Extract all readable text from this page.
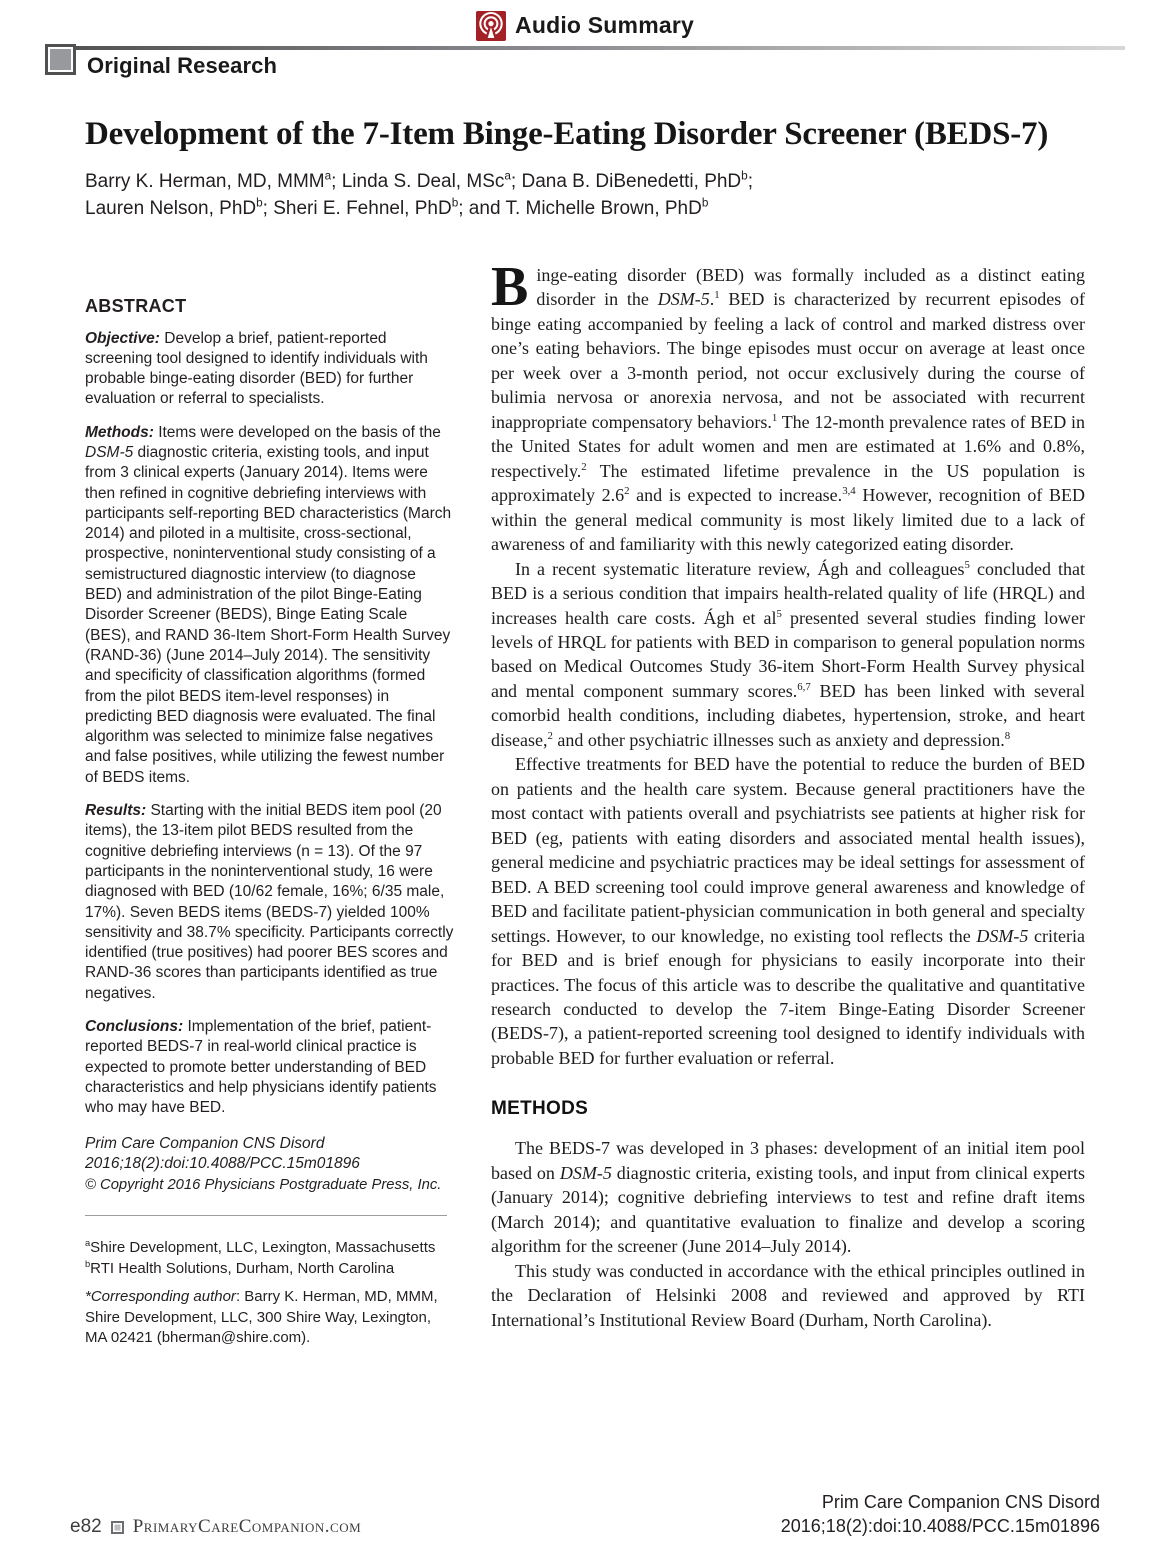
Audio Summary
Original Research
Development of the 7-Item Binge-Eating Disorder Screener (BEDS-7)
Barry K. Herman, MD, MMM$^a$; Linda S. Deal, MSc$^a$; Dana B. DiBenedetti, PhD$^b$;
Lauren Nelson, PhD$^b$; Sheri E. Fehnel, PhD$^b$; and T. Michelle Brown, PhD$^b$
ABSTRACT

Objective: Develop a brief, patient-reported screening tool designed to identify individuals with probable binge-eating disorder (BED) for further evaluation or referral to specialists.

Methods: Items were developed on the basis of the DSM-5 diagnostic criteria, existing tools, and input from 3 clinical experts (January 2014). Items were then refined in cognitive debriefing interviews with participants self-reporting BED characteristics (March 2014) and piloted in a multisite, cross-sectional, prospective, noninterventional study consisting of a semistructured diagnostic interview (to diagnose BED) and administration of the pilot Binge-Eating Disorder Screener (BEDS), Binge Eating Scale (BES), and RAND 36-Item Short-Form Health Survey (RAND-36) (June 2014–July 2014). The sensitivity and specificity of classification algorithms (formed from the pilot BEDS item-level responses) in predicting BED diagnosis were evaluated. The final algorithm was selected to minimize false negatives and false positives, while utilizing the fewest number of BEDS items.

Results: Starting with the initial BEDS item pool (20 items), the 13-item pilot BEDS resulted from the cognitive debriefing interviews (n = 13). Of the 97 participants in the noninterventional study, 16 were diagnosed with BED (10/62 female, 16%; 6/35 male, 17%). Seven BEDS items (BEDS-7) yielded 100% sensitivity and 38.7% specificity. Participants correctly identified (true positives) had poorer BES scores and RAND-36 scores than participants identified as true negatives.

Conclusions: Implementation of the brief, patient-reported BEDS-7 in real-world clinical practice is expected to promote better understanding of BED characteristics and help physicians identify patients who may have BED.

Prim Care Companion CNS Disord
2016;18(2):doi:10.4088/PCC.15m01896
© Copyright 2016 Physicians Postgraduate Press, Inc.
$^a$Shire Development, LLC, Lexington, Massachusetts
$^b$RTI Health Solutions, Durham, North Carolina
*Corresponding author: Barry K. Herman, MD, MMM, Shire Development, LLC, 300 Shire Way, Lexington, MA 02421 (bherman@shire.com).

Binge-eating disorder (BED) was formally included as a distinct eating disorder in the DSM-5.$^1$ BED is characterized by recurrent episodes of binge eating accompanied by feeling a lack of control and marked distress over one’s eating behaviors. The binge episodes must occur on average at least once per week over a 3-month period, not occur exclusively during the course of bulimia nervosa or anorexia nervosa, and not be associated with recurrent inappropriate compensatory behaviors.$^1$ The 12-month prevalence rates of BED in the United States for adult women and men are estimated at 1.6% and 0.8%, respectively.$^2$ The estimated lifetime prevalence in the US population is approximately $2.6^2$ and is expected to increase.$^{3,4}$ However, recognition of BED within the general medical community is most likely limited due to a lack of awareness of and familiarity with this newly categorized eating disorder.

In a recent systematic literature review, Ágh and colleagues$^5$ concluded that BED is a serious condition that impairs health-related quality of life (HRQL) and increases health care costs. Ágh et $al^5$ presented several studies finding lower levels of HRQL for patients with BED in comparison to general population norms based on Medical Outcomes Study 36-item Short-Form Health Survey physical and mental component summary scores.$^{6,7}$ BED has been linked with several comorbid health conditions, including diabetes, hypertension, stroke, and heart disease,$^2$ and other psychiatric illnesses such as anxiety and depression.$^8$

Effective treatments for BED have the potential to reduce the burden of BED on patients and the health care system. Because general practitioners have the most contact with patients overall and psychiatrists see patients at higher risk for BED (eg, patients with eating disorders and associated mental health issues), general medicine and psychiatric practices may be ideal settings for assessment of BED. A BED screening tool could improve general awareness and knowledge of BED and facilitate patient-physician communication in both general and specialty settings. However, to our knowledge, no existing tool reflects the DSM-5 criteria for BED and is brief enough for physicians to easily incorporate into their practices. The focus of this article was to describe the qualitative and quantitative research conducted to develop the 7-item Binge-Eating Disorder Screener (BEDS-7), a patient-reported screening tool designed to identify individuals with probable BED for further evaluation or referral.

METHODS

The BEDS-7 was developed in 3 phases: development of an initial item pool based on DSM-5 diagnostic criteria, existing tools, and input from clinical experts (January 2014); cognitive debriefing interviews to test and refine draft items (March 2014); and quantitative evaluation to finalize and develop a scoring algorithm for the screener (June 2014–July 2014).

This study was conducted in accordance with the ethical principles outlined in the Declaration of Helsinki 2008 and reviewed and approved by RTI International’s Institutional Review Board (Durham, North Carolina).

e82 PrimaryCareCompanion.com
Prim Care Companion CNS Disord
2016;18(2):doi:10.4088/PCC.15m01896
